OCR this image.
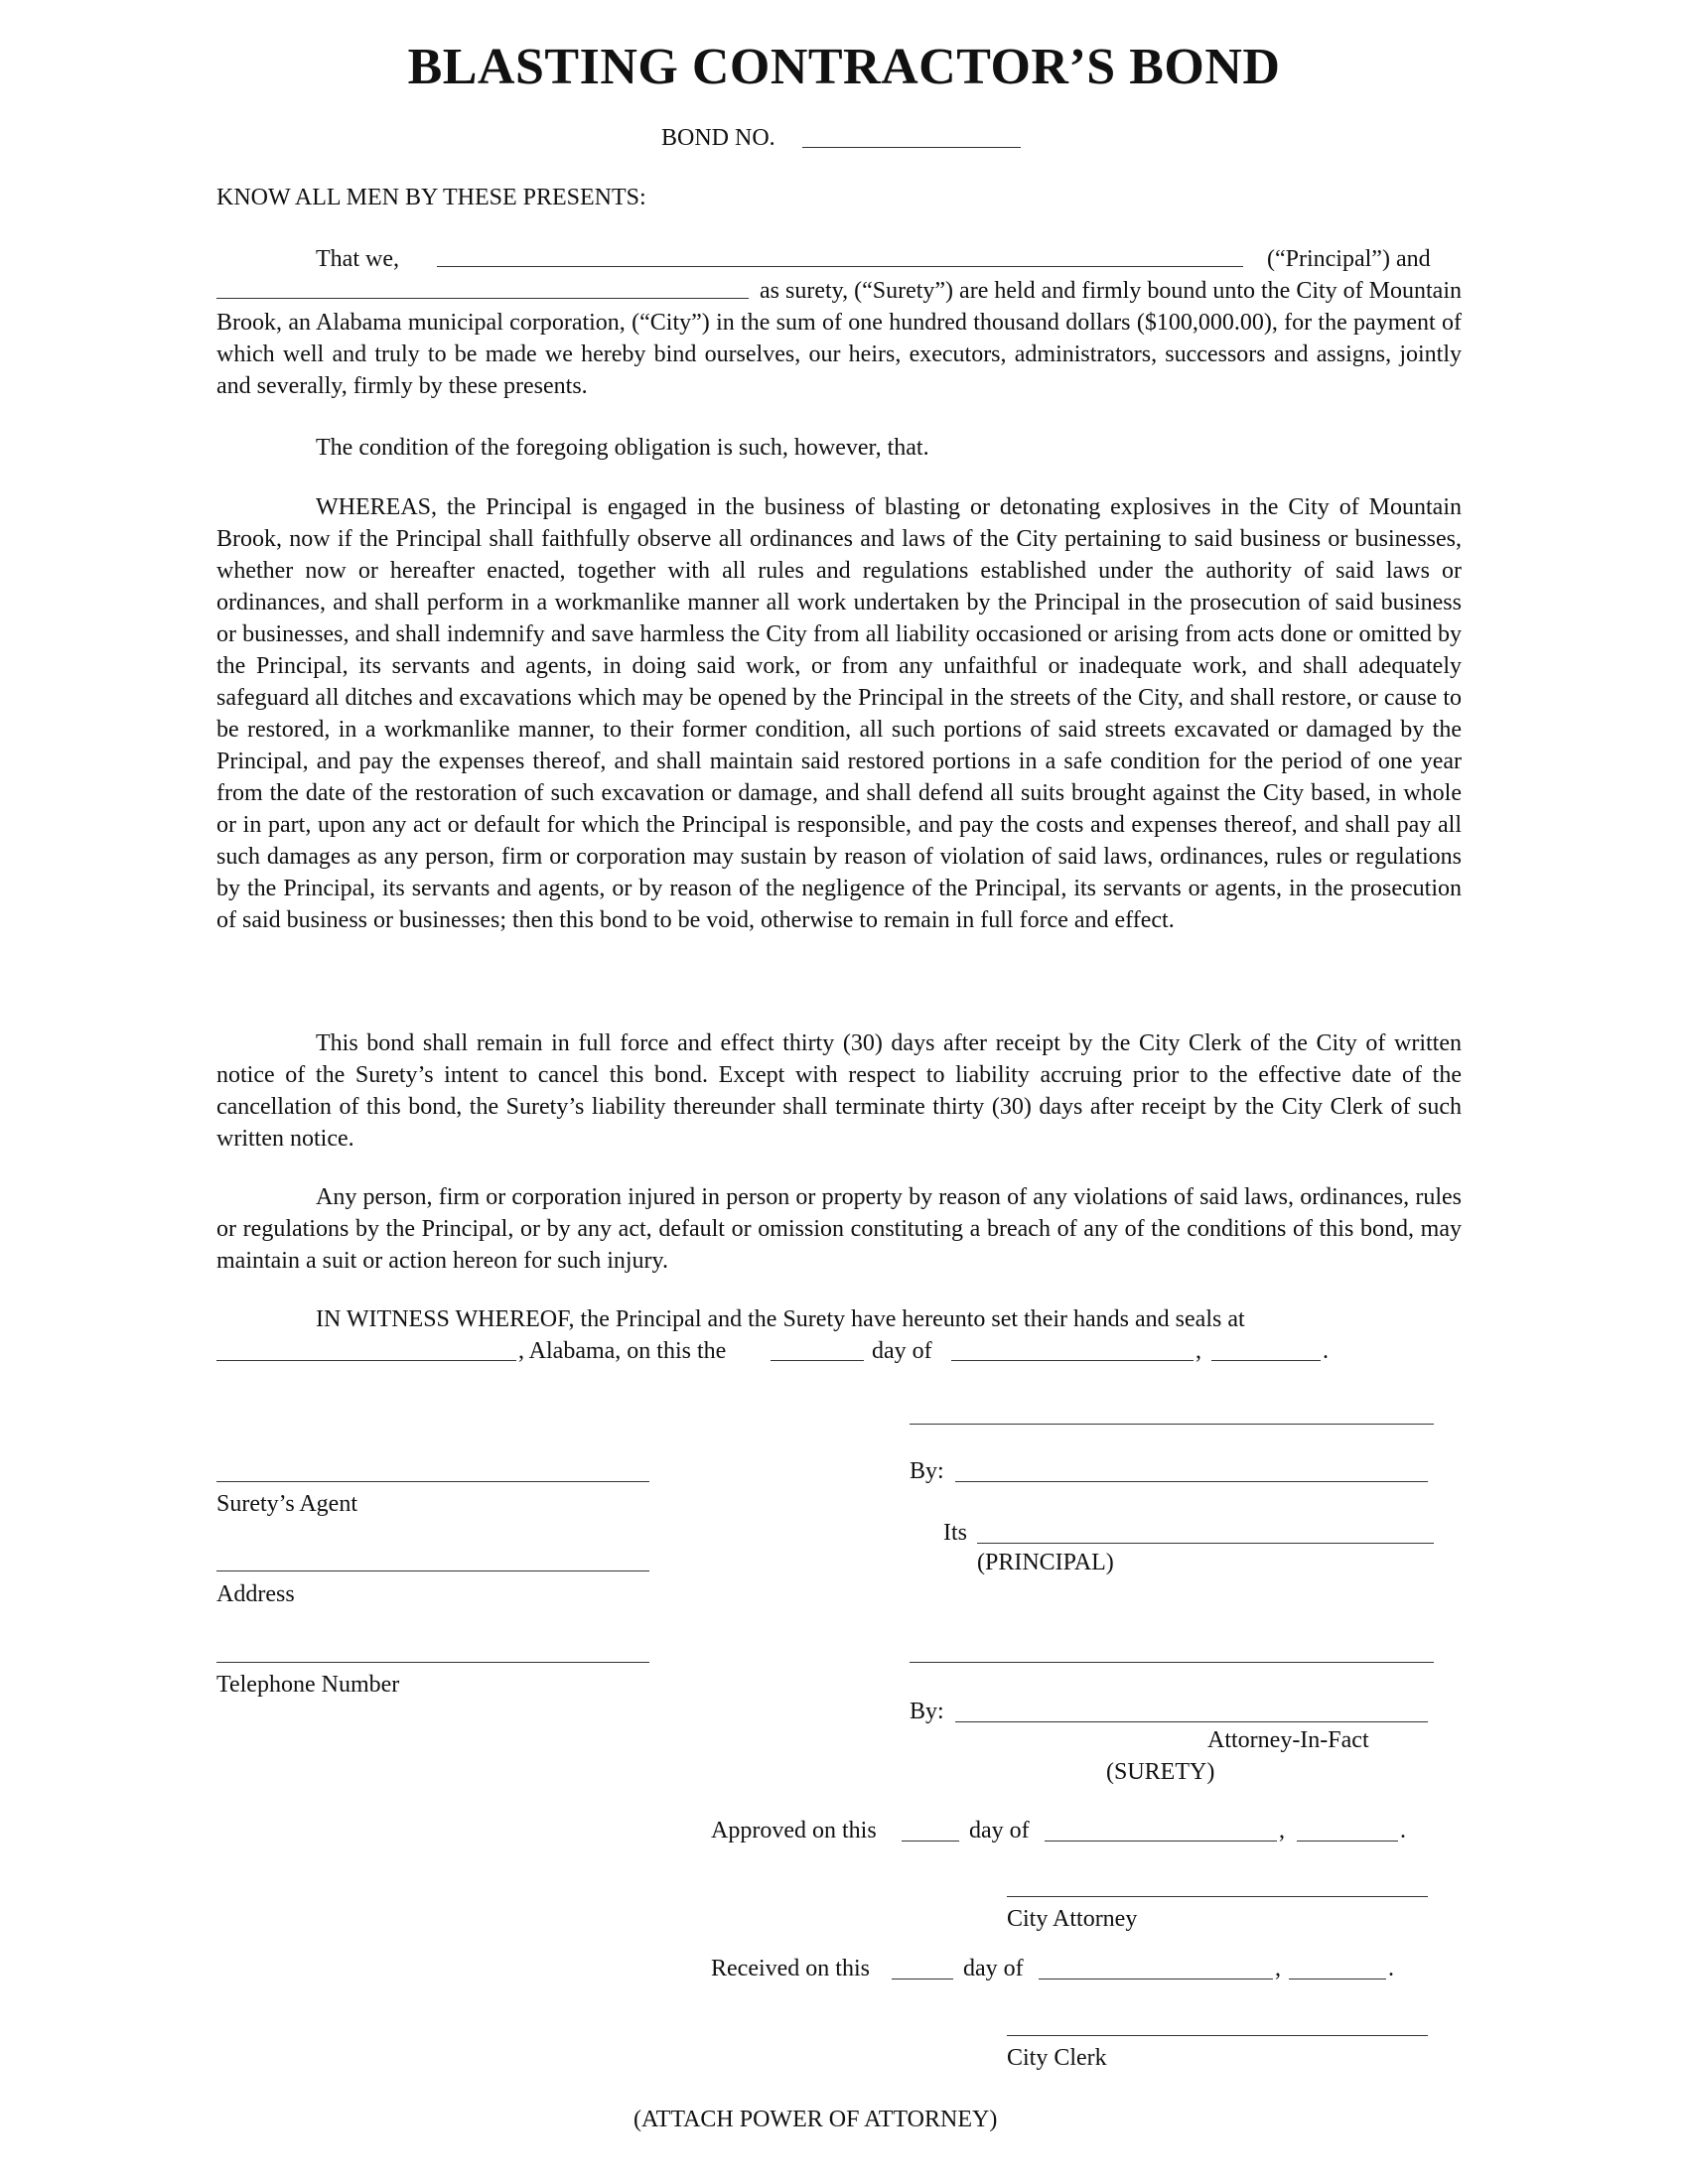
BLASTING CONTRACTOR’S BOND
BOND NO.
KNOW ALL MEN BY THESE PRESENTS:
That we,	(“Principal”) and
as surety, (“Surety”) are held and firmly bound unto the City of Mountain Brook, an Alabama municipal corporation, (“City”) in the sum of one hundred thousand dollars ($100,000.00), for the payment of which well and truly to be made we hereby bind ourselves, our heirs, executors, administrators, successors and assigns, jointly and severally, firmly by these presents.
The condition of the foregoing obligation is such, however, that.
WHEREAS, the Principal is engaged in the business of blasting or detonating explosives in the City of Mountain Brook, now if the Principal shall faithfully observe all ordinances and laws of the City pertaining to said business or businesses, whether now or hereafter enacted, together with all rules and regulations established under the authority of said laws or ordinances, and shall perform in a workmanlike manner all work undertaken by the Principal in the prosecution of said business or businesses, and shall indemnify and save harmless the City from all liability occasioned or arising from acts done or omitted by the Principal, its servants and agents, in doing said work, or from any unfaithful or inadequate work, and shall adequately safeguard all ditches and excavations which may be opened by the Principal in the streets of the City, and shall restore, or cause to be restored, in a workmanlike manner, to their former condition, all such portions of said streets excavated or damaged by the Principal, and pay the expenses thereof, and shall maintain said restored portions in a safe condition for the period of one year from the date of the restoration of such excavation or damage, and shall defend all suits brought against the City based, in whole or in part, upon any act or default for which the Principal is responsible, and pay the costs and expenses thereof, and shall pay all such damages as any person, firm or corporation may sustain by reason of violation of said laws, ordinances, rules or regulations by the Principal, its servants and agents, or by reason of the negligence of the Principal, its servants or agents, in the prosecution of said business or businesses; then this bond to be void, otherwise to remain in full force and effect.
This bond shall remain in full force and effect thirty (30) days after receipt by the City Clerk of the City of written notice of the Surety’s intent to cancel this bond. Except with respect to liability accruing prior to the effective date of the cancellation of this bond, the Surety’s liability thereunder shall terminate thirty (30) days after receipt by the City Clerk of such written notice.
Any person, firm or corporation injured in person or property by reason of any violations of said laws, ordinances, rules or regulations by the Principal, or by any act, default or omission constituting a breach of any of the conditions of this bond, may maintain a suit or action hereon for such injury.
IN WITNESS WHEREOF, the Principal and the Surety have hereunto set their hands and seals at
, Alabama, on this the	day of	,	.
Surety’s Agent
Address
Telephone Number
By:
Its
(PRINCIPAL)
By:
Attorney-In-Fact
(SURETY)
Approved on this	day of	,	.
City Attorney
Received on this	day of	,	.
City Clerk
(ATTACH POWER OF ATTORNEY)
